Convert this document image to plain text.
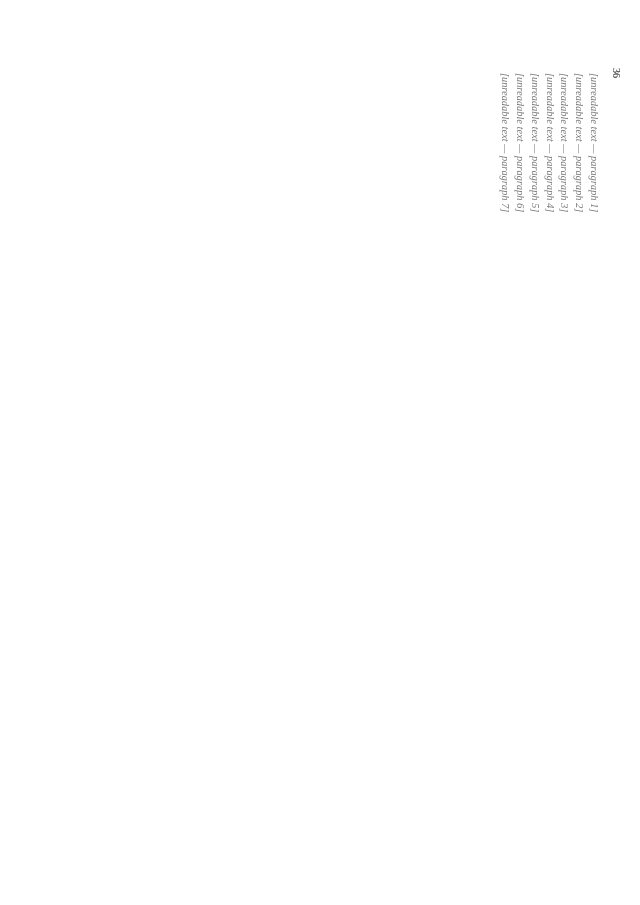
36

[unreadable text — paragraph 1]

[unreadable text — paragraph 2]

[unreadable text — paragraph 3]

[unreadable text — paragraph 4]

[unreadable text — paragraph 5]

[unreadable text — paragraph 6]

[unreadable text — paragraph 7]
